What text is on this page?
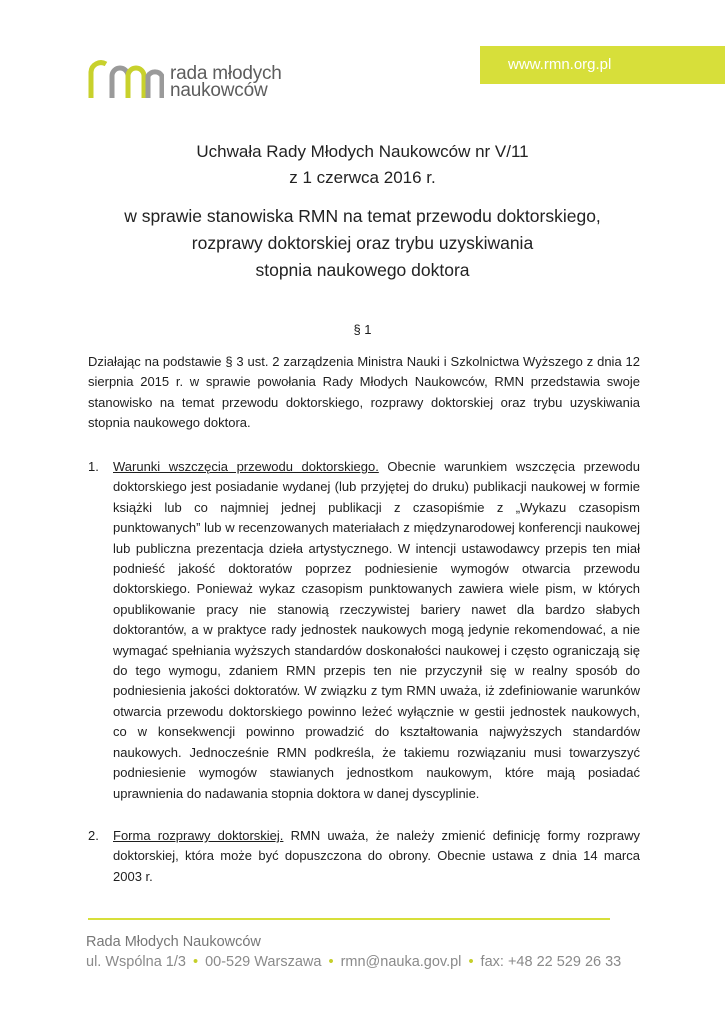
www.rmn.org.pl
rada młodych
naukowców
Uchwała Rady Młodych Naukowców nr V/11
z 1 czerwca 2016 r.
w sprawie stanowiska RMN na temat przewodu doktorskiego,
rozprawy doktorskiej oraz trybu uzyskiwania
stopnia naukowego doktora
§ 1
Działając na podstawie § 3 ust. 2 zarządzenia Ministra Nauki i Szkolnictwa Wyższego z dnia 12 sierpnia 2015 r. w sprawie powołania Rady Młodych Naukowców, RMN przedstawia swoje stanowisko na temat przewodu doktorskiego, rozprawy doktorskiej oraz trybu uzyskiwania stopnia naukowego doktora.
1.	Warunki wszczęcia przewodu doktorskiego. Obecnie warunkiem wszczęcia przewodu doktorskiego jest posiadanie wydanej (lub przyjętej do druku) publikacji naukowej w formie książki lub co najmniej jednej publikacji z czasopiśmie z „Wykazu czasopism punktowanych” lub w recenzowanych materiałach z międzynarodowej konferencji naukowej lub publiczna prezentacja dzieła artystycznego. W intencji ustawodawcy przepis ten miał podnieść jakość doktoratów poprzez podniesienie wymogów otwarcia przewodu doktorskiego. Ponieważ wykaz czasopism punktowanych zawiera wiele pism, w których opublikowanie pracy nie stanowią rzeczywistej bariery nawet dla bardzo słabych doktorantów, a w praktyce rady jednostek naukowych mogą jedynie rekomendować, a nie wymagać spełniania wyższych standardów doskonałości naukowej i często ograniczają się do tego wymogu, zdaniem RMN przepis ten nie przyczynił się w realny sposób do podniesienia jakości doktoratów. W związku z tym RMN uważa, iż zdefiniowanie warunków otwarcia przewodu doktorskiego powinno leżeć wyłącznie w gestii jednostek naukowych, co w konsekwencji powinno prowadzić do kształtowania najwyższych standardów naukowych. Jednocześnie RMN podkreśla, że takiemu rozwiązaniu musi towarzyszyć podniesienie wymogów stawianych jednostkom naukowym, które mają posiadać uprawnienia do nadawania stopnia doktora w danej dyscyplinie.
2.	Forma rozprawy doktorskiej. RMN uważa, że należy zmienić definicję formy rozprawy doktorskiej, która może być dopuszczona do obrony. Obecnie ustawa z dnia 14 marca 2003 r.
Rada Młodych Naukowców
ul. Wspólna 1/3 • 00-529 Warszawa • rmn@nauka.gov.pl • fax: +48 22 529 26 33
